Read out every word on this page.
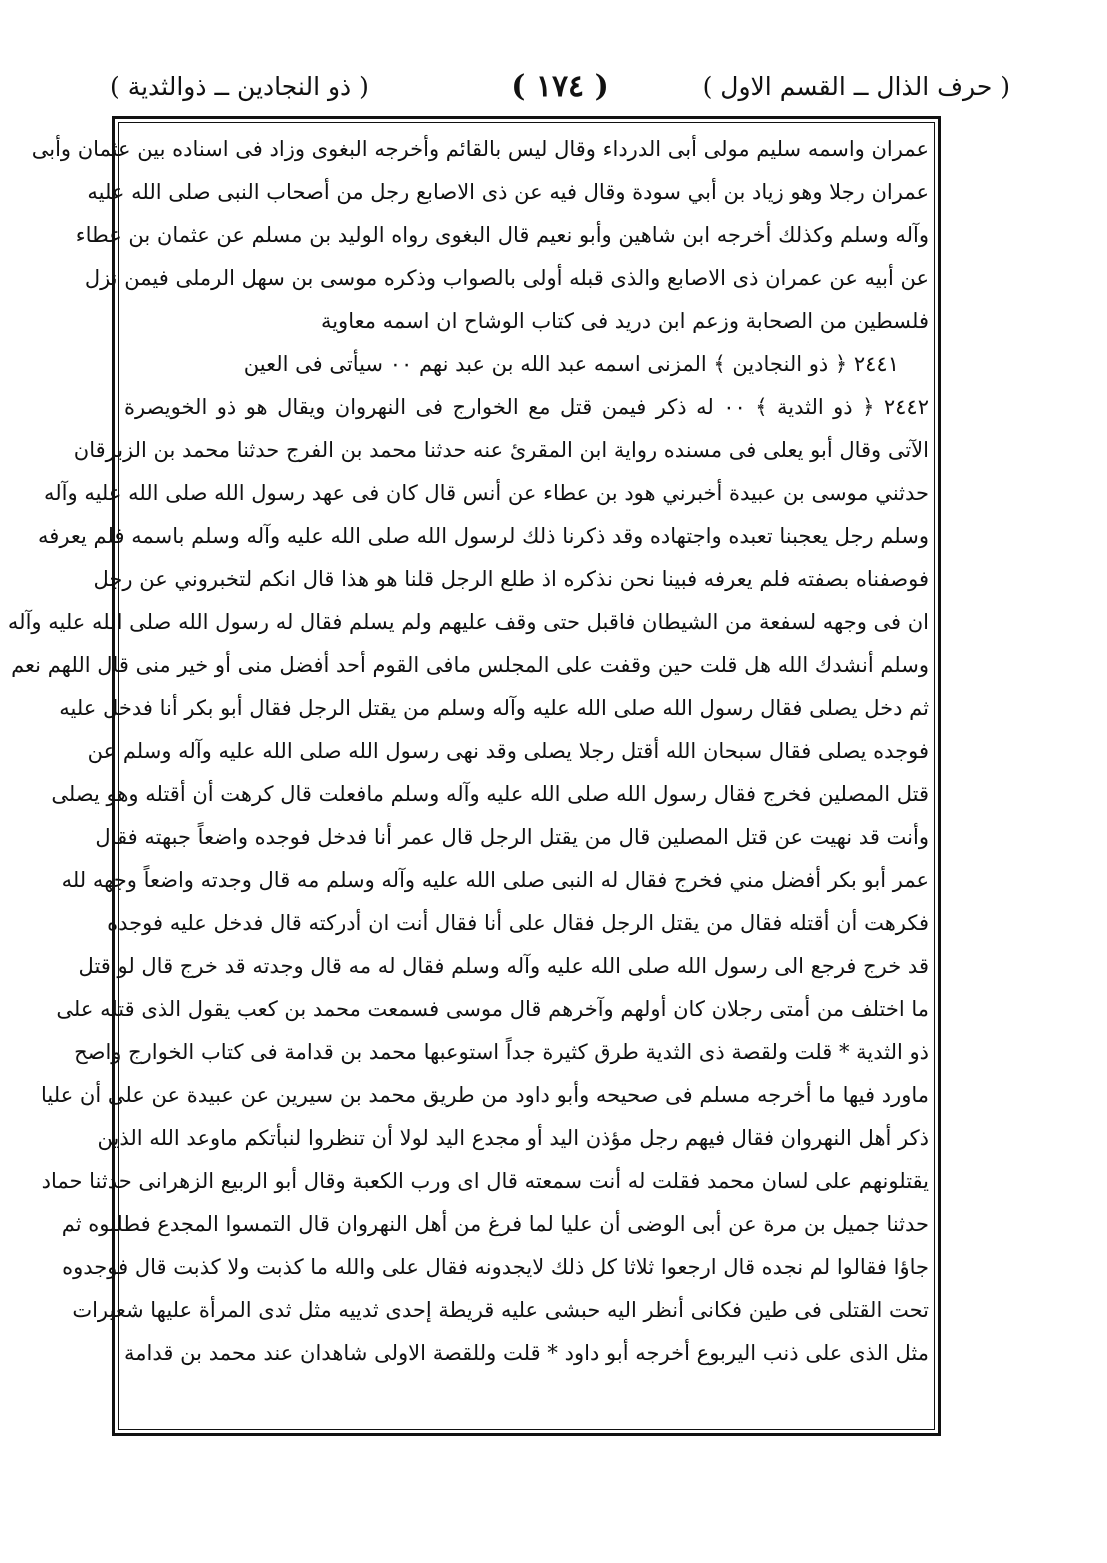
( حرف الذال ــ القسم الاول )
( ١٧٤ )
( ذو النجادين ــ ذوالثدية )
عمران واسمه سليم مولى أبى الدرداء وقال ليس بالقائم وأخرجه البغوى وزاد فى اسناده بين عثمان وأبى
عمران رجلا وهو زياد بن أبي سودة وقال فيه عن ذى الاصابع رجل من أصحاب النبى صلى الله عليه
وآله وسلم وكذلك أخرجه ابن شاهين وأبو نعيم قال البغوى رواه الوليد بن مسلم عن عثمان بن عطاء
عن أبيه عن عمران ذى الاصابع والذى قبله أولى بالصواب وذكره موسى بن سهل الرملى فيمن نزل
فلسطين من الصحابة وزعم ابن دريد فى كتاب الوشاح ان اسمه معاوية
٢٤٤١ ﴿ ذو النجادين ﴾ المزنى اسمه عبد الله بن عبد نهم ٠٠ سيأتى فى العين
٢٤٤٢ ﴿ ذو الثدية ﴾ ٠٠ له ذكر فيمن قتل مع الخوارج فى النهروان ويقال هو ذو الخويصرة
الآتى وقال أبو يعلى فى مسنده رواية ابن المقرئ عنه حدثنا محمد بن الفرج حدثنا محمد بن الزبرقان
حدثني موسى بن عبيدة أخبرني هود بن عطاء عن أنس قال كان فى عهد رسول الله صلى الله عليه وآله
وسلم رجل يعجبنا تعبده واجتهاده وقد ذكرنا ذلك لرسول الله صلى الله عليه وآله وسلم باسمه فلم يعرفه
فوصفناه بصفته فلم يعرفه فبينا نحن نذكره اذ طلع الرجل قلنا هو هذا قال انكم لتخبروني عن رجل
ان فى وجهه لسفعة من الشيطان فاقبل حتى وقف عليهم ولم يسلم فقال له رسول الله صلى الله عليه وآله
وسلم أنشدك الله هل قلت حين وقفت على المجلس مافى القوم أحد أفضل منى أو خير منى قال اللهم نعم
ثم دخل يصلى فقال رسول الله صلى الله عليه وآله وسلم من يقتل الرجل فقال أبو بكر أنا فدخل عليه
فوجده يصلى فقال سبحان الله أقتل رجلا يصلى وقد نهى رسول الله صلى الله عليه وآله وسلم عن
قتل المصلين فخرج فقال رسول الله صلى الله عليه وآله وسلم مافعلت قال كرهت أن أقتله وهو يصلى
وأنت قد نهيت عن قتل المصلين قال من يقتل الرجل قال عمر أنا فدخل فوجده واضعاً جبهته فقال
عمر أبو بكر أفضل مني فخرج فقال له النبى صلى الله عليه وآله وسلم مه قال وجدته واضعاً وجهه لله
فكرهت أن أقتله فقال من يقتل الرجل فقال على أنا فقال أنت ان أدركته قال فدخل عليه فوجده
قد خرج فرجع الى رسول الله صلى الله عليه وآله وسلم فقال له مه قال وجدته قد خرج قال لو قتل
ما اختلف من أمتى رجلان كان أولهم وآخرهم قال موسى فسمعت محمد بن كعب يقول الذى قتله على
ذو الثدية * قلت ولقصة ذى الثدية طرق كثيرة جداً استوعبها محمد بن قدامة فى كتاب الخوارج واصح
ماورد فيها ما أخرجه مسلم فى صحيحه وأبو داود من طريق محمد بن سيرين عن عبيدة عن على أن عليا
ذكر أهل النهروان فقال فيهم رجل مؤذن اليد أو مجدع اليد لولا أن تنظروا لنبأتكم ماوعد الله الذين
يقتلونهم على لسان محمد فقلت له أنت سمعته قال اى ورب الكعبة وقال أبو الربيع الزهرانى حدثنا حماد
حدثنا جميل بن مرة عن أبى الوضى أن عليا لما فرغ من أهل النهروان قال التمسوا المجدع فطلبوه ثم
جاؤا فقالوا لم نجده قال ارجعوا ثلاثا كل ذلك لايجدونه فقال على والله ما كذبت ولا كذبت قال فوجدوه
تحت القتلى فى طين فكانى أنظر اليه حبشى عليه قريطة إحدى ثدييه مثل ثدى المرأة عليها شعيرات
مثل الذى على ذنب اليربوع أخرجه أبو داود * قلت وللقصة الاولى شاهدان عند محمد بن قدامة
